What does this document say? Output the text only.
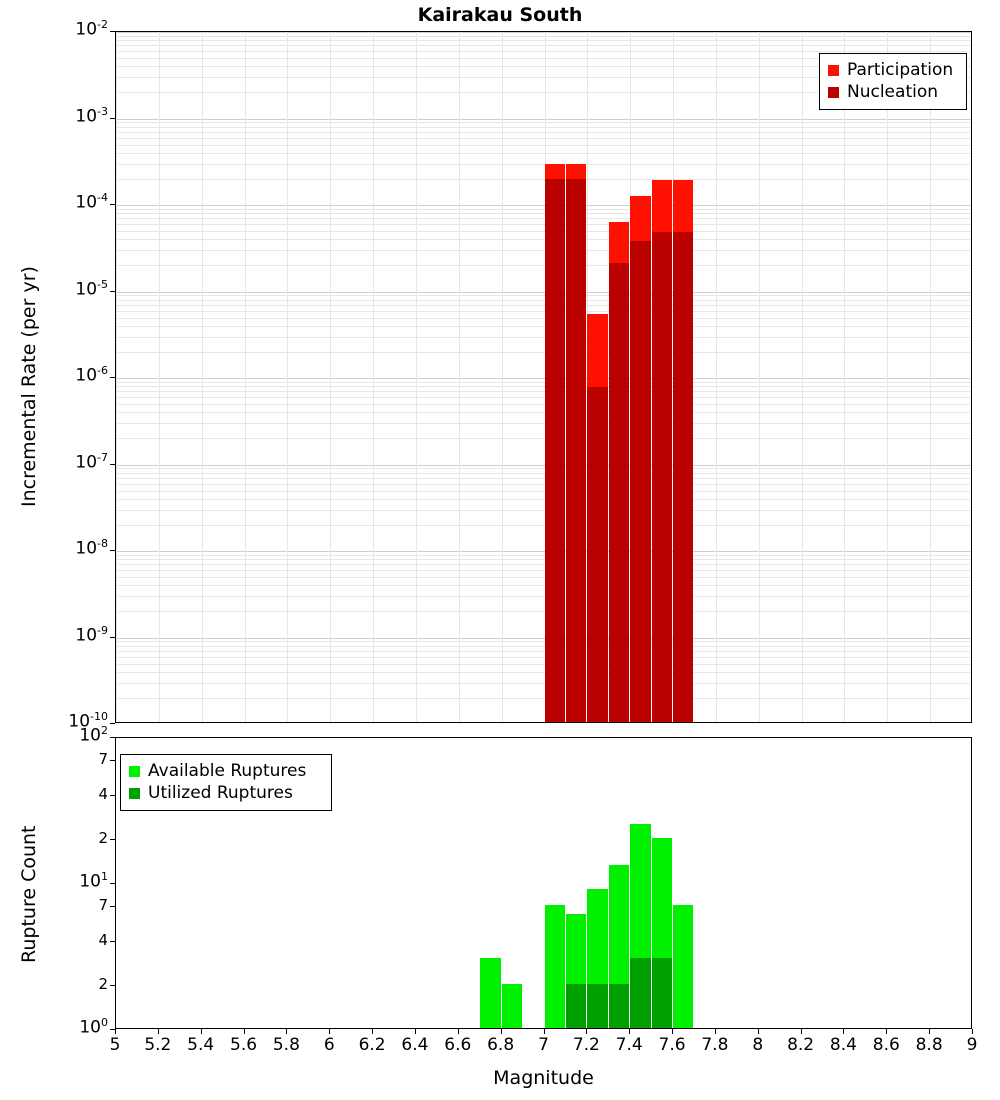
Kairakau South
Incremental Rate (per yr)
Rupture Count
Magnitude
Participation
Nucleation
Available Ruptures
Utilized Ruptures
$10^{-10}$
$10^{-9}$
$10^{-8}$
$10^{-7}$
$10^{-6}$
$10^{-5}$
$10^{-4}$
$10^{-3}$
$10^{-2}$
$10^0$
2
4
7
$10^1$
2
4
7
$10^2$
5	5.2 5.4 5.6 5.8	6	6.2 6.4 6.6 6.8	7	7.2 7.4 7.6 7.8	8	8.2 8.4 8.6 8.8	9
